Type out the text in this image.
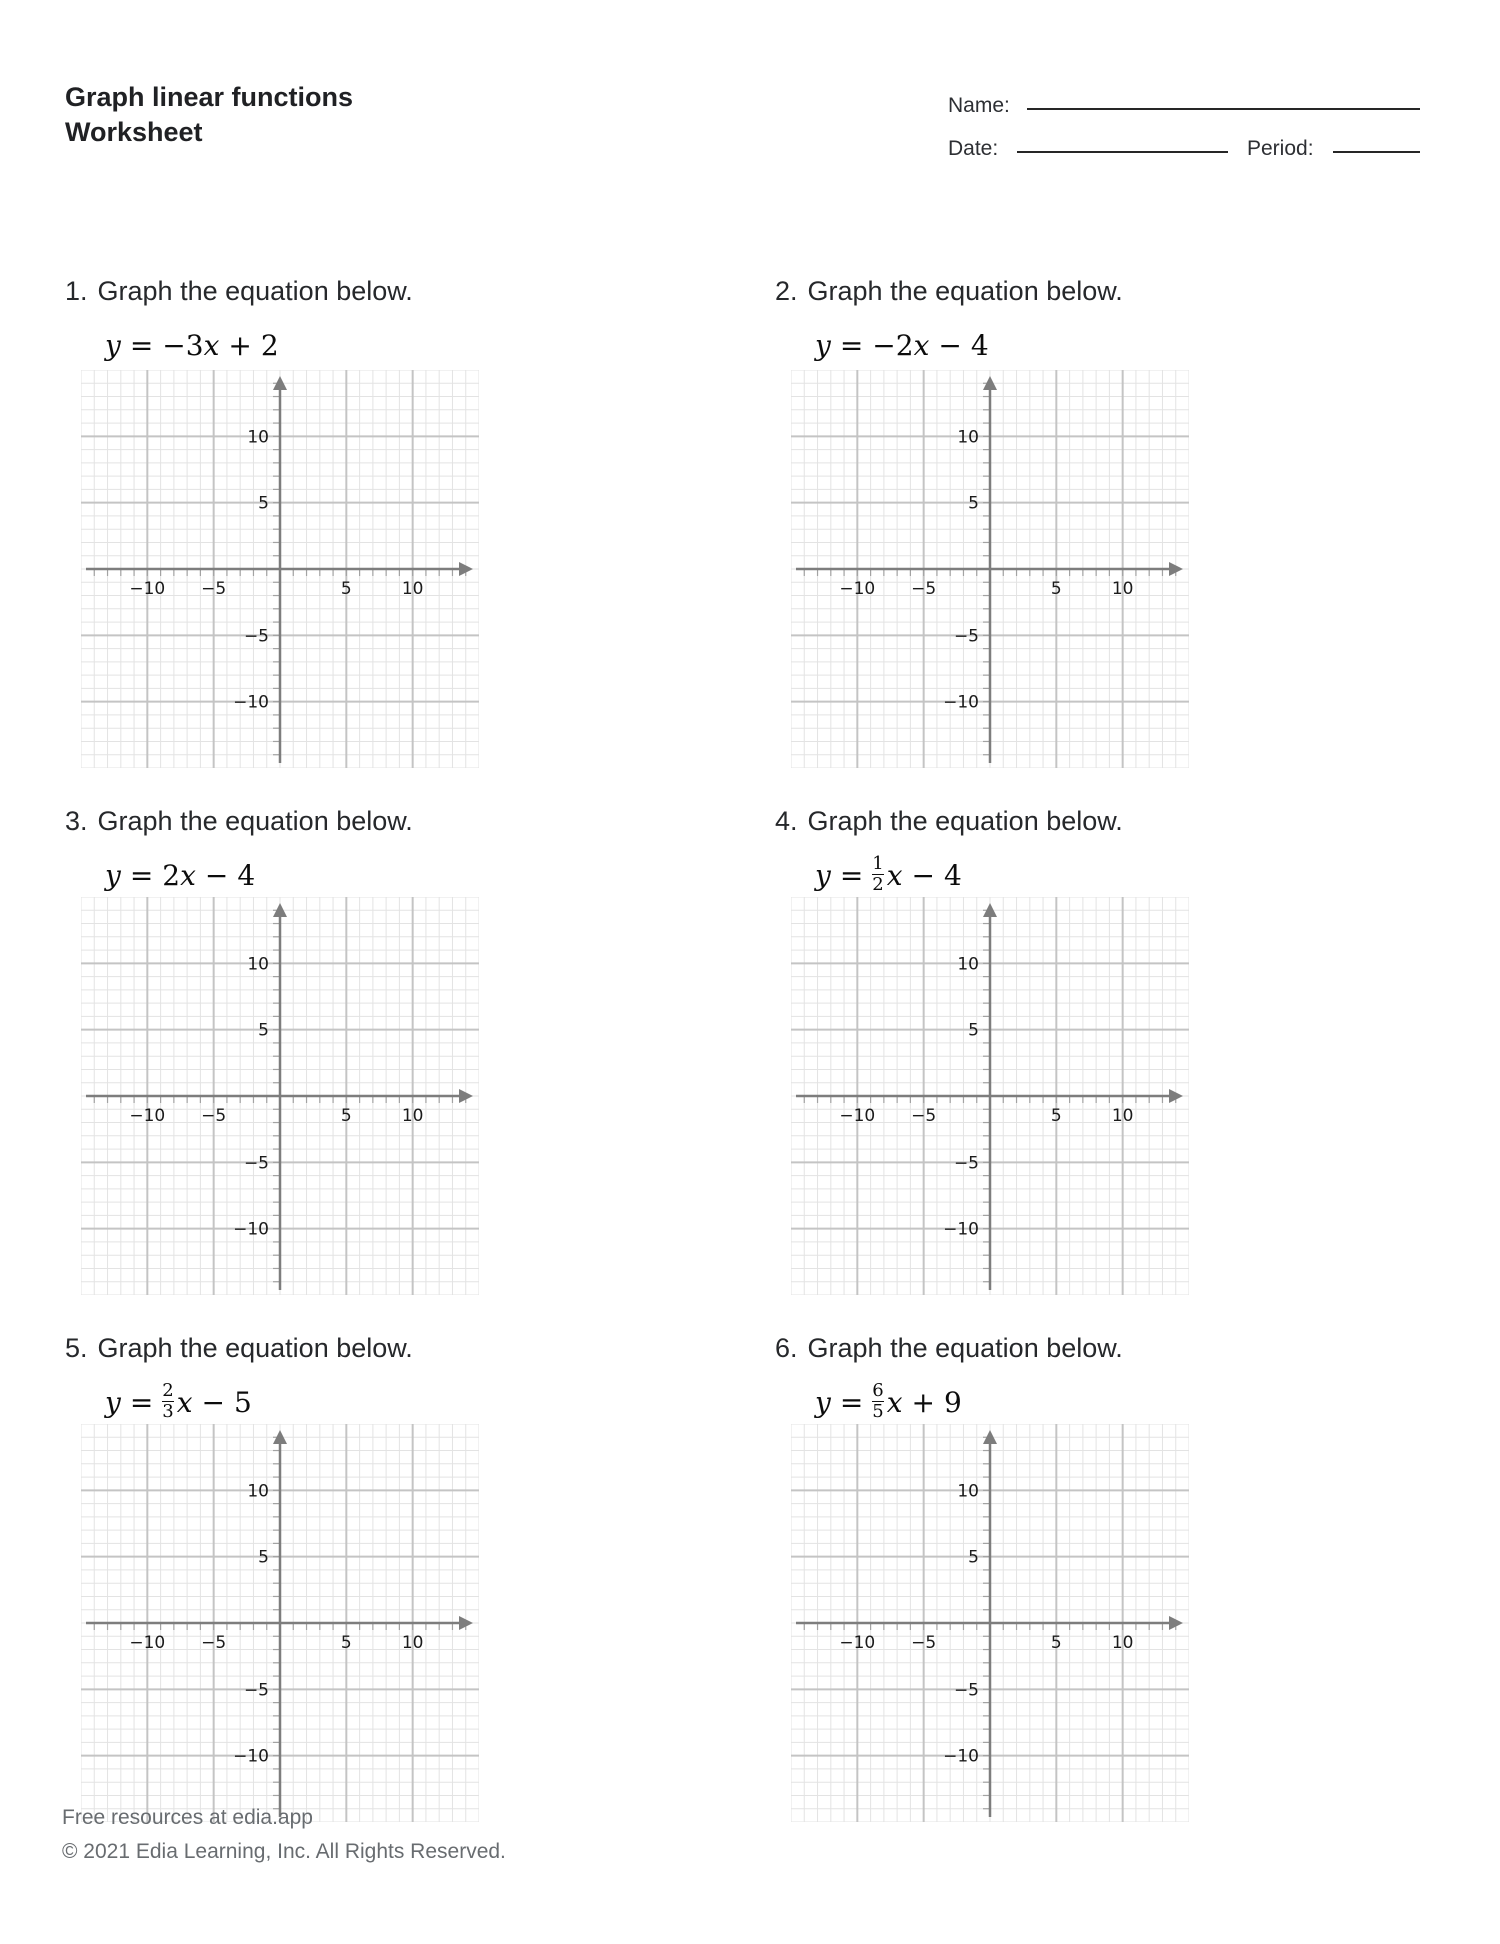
Graph linear functions
Worksheet
Name:
Date:	Period:
1. Graph the equation below.
y = −3 x + 2
−10 −5	5	10
10
5
−5
−10
2. Graph the equation below.
y = −2 x − 4
−10 −5	5	10
10
5
−5
−10
3. Graph the equation below.
y = 2 x − 4
−10 −5	5	10
10
5
−5
−10
4. Graph the equation below.
$y = \frac{1}{2}$ x − 4
−10 −5	5	10
10
5
−5
−10
5. Graph the equation below.
$y = \frac{2}{3}$ x − 5
−10 −5	5	10
10
5
−5
−10
6. Graph the equation below.
$y = \frac{6}{5}$ x + 9
−10 −5	5	10
10
5
−5
−10
Free resources at edia.app
© 2021 Edia Learning, Inc. All Rights Reserved.
